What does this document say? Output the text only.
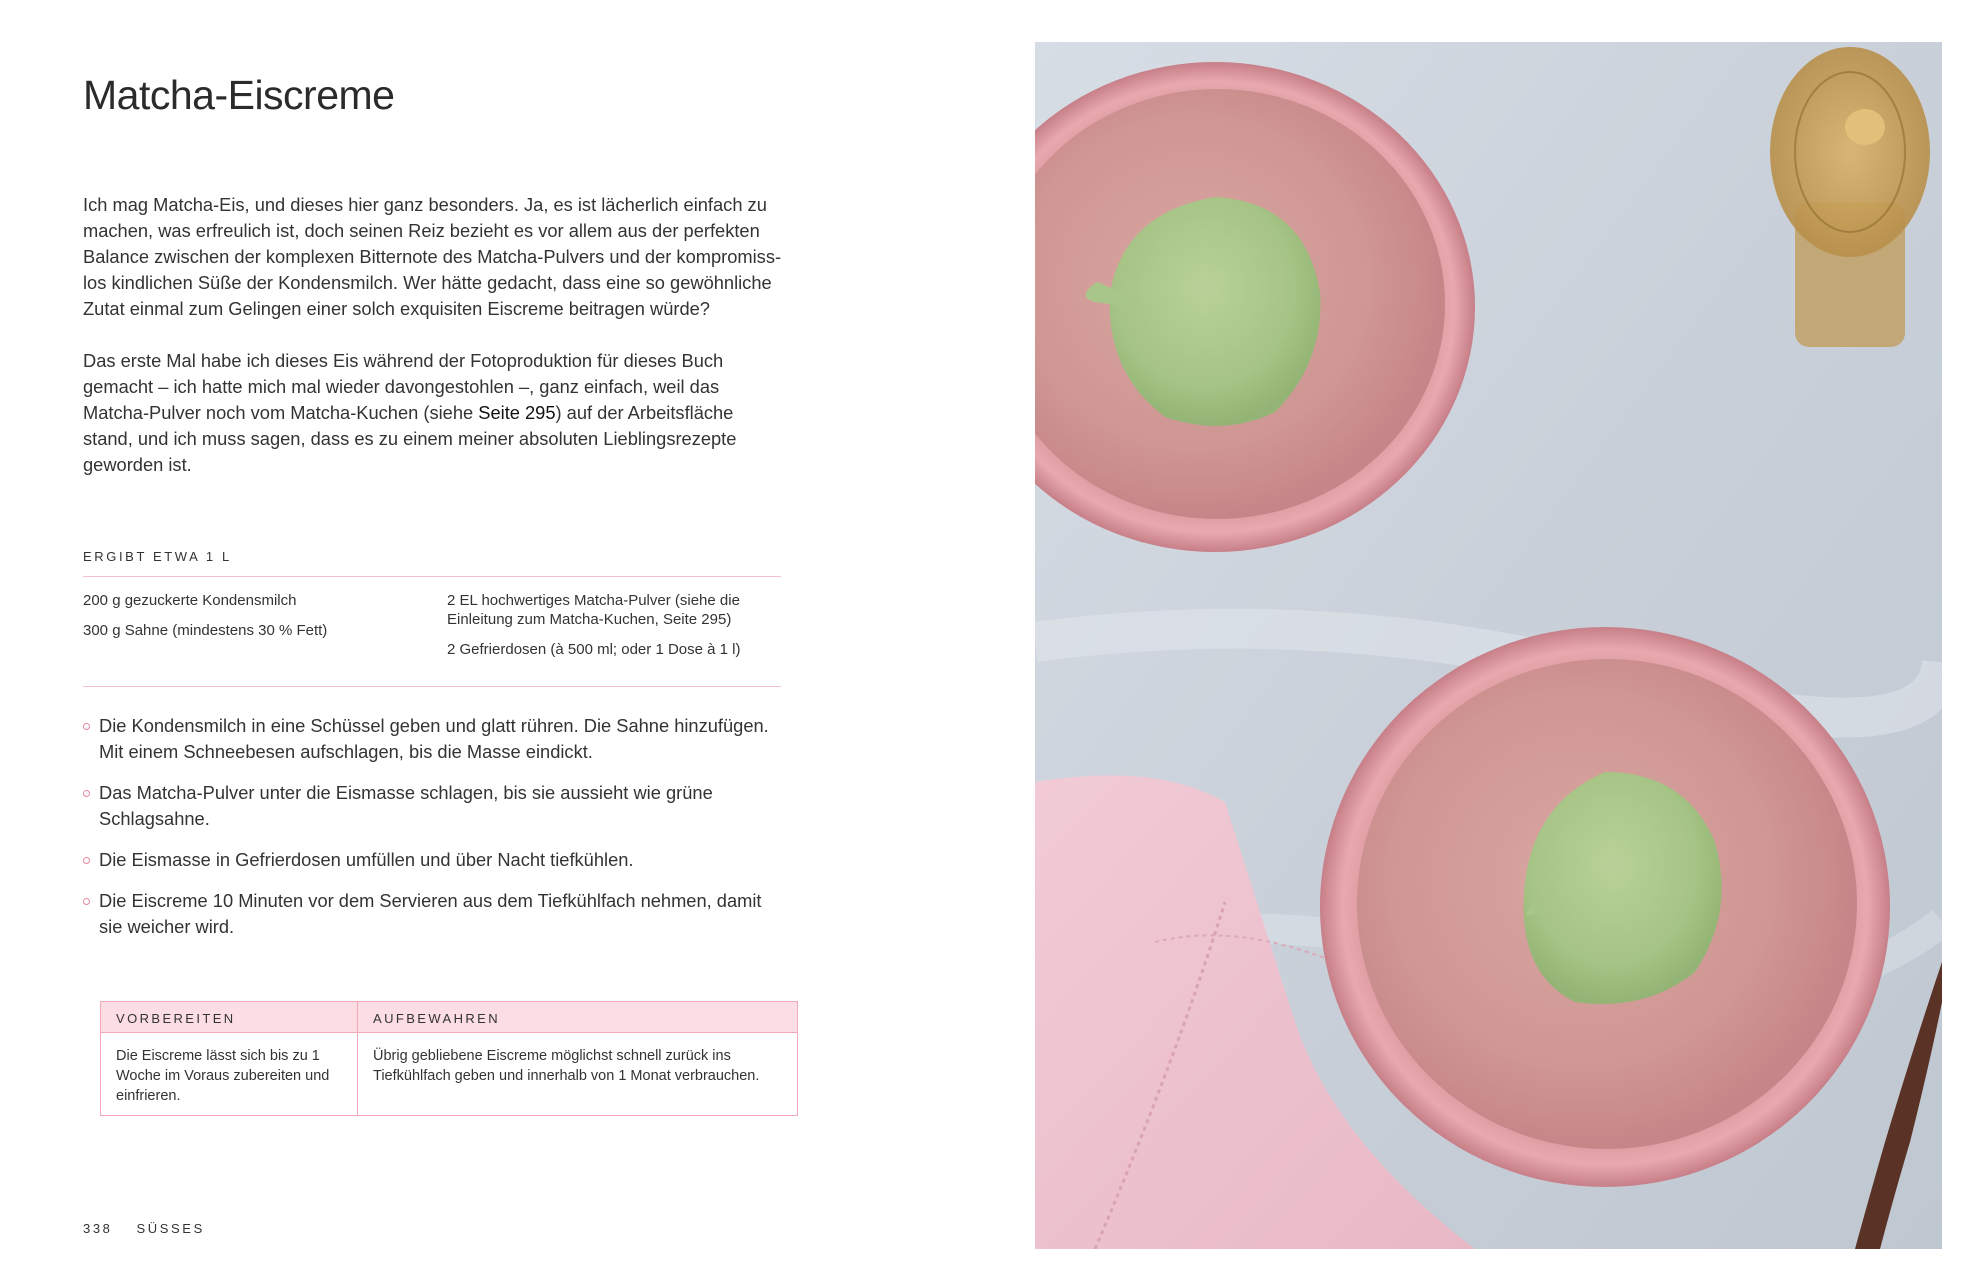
Matcha-Eiscreme

Ich mag Matcha-Eis, und dieses hier ganz besonders. Ja, es ist lächerlich einfach zu machen, was erfreulich ist, doch seinen Reiz bezieht es vor allem aus der perfekten Balance zwischen der komplexen Bitternote des Matcha-Pulvers und der kompromisslos kindlichen Süße der Kondensmilch. Wer hätte gedacht, dass eine so gewöhnliche Zutat einmal zum Gelingen einer solch exquisiten Eiscreme beitragen würde?

Das erste Mal habe ich dieses Eis während der Fotoproduktion für dieses Buch gemacht – ich hatte mich mal wieder davongestohlen –, ganz einfach, weil das Matcha-Pulver noch vom Matcha-Kuchen (siehe Seite 295) auf der Arbeitsfläche stand, und ich muss sagen, dass es zu einem meiner absoluten Lieblingsrezepte geworden ist.

ERGIBT ETWA 1 L
200 g gezuckerte Kondensmilch
300 g Sahne (mindestens 30 % Fett)
2 EL hochwertiges Matcha-Pulver (siehe die Einleitung zum Matcha-Kuchen, Seite 295)
2 Gefrierdosen (à 500 ml; oder 1 Dose à 1 l)
Die Kondensmilch in eine Schüssel geben und glatt rühren. Die Sahne hinzufügen. Mit einem Schneebesen aufschlagen, bis die Masse eindickt.
Das Matcha-Pulver unter die Eismasse schlagen, bis sie aussieht wie grüne Schlagsahne.
Die Eismasse in Gefrierdosen umfüllen und über Nacht tiefkühlen.
Die Eiscreme 10 Minuten vor dem Servieren aus dem Tiefkühlfach nehmen, damit sie weicher wird.
VORBEREITEN	AUFBEWAHREN
Die Eiscreme lässt sich bis zu 1 Woche im Voraus zubereiten und einfrieren.
Übrig gebliebene Eiscreme möglichst schnell zurück ins Tiefkühlfach geben und innerhalb von 1 Monat verbrauchen.
338 SÜSSES
